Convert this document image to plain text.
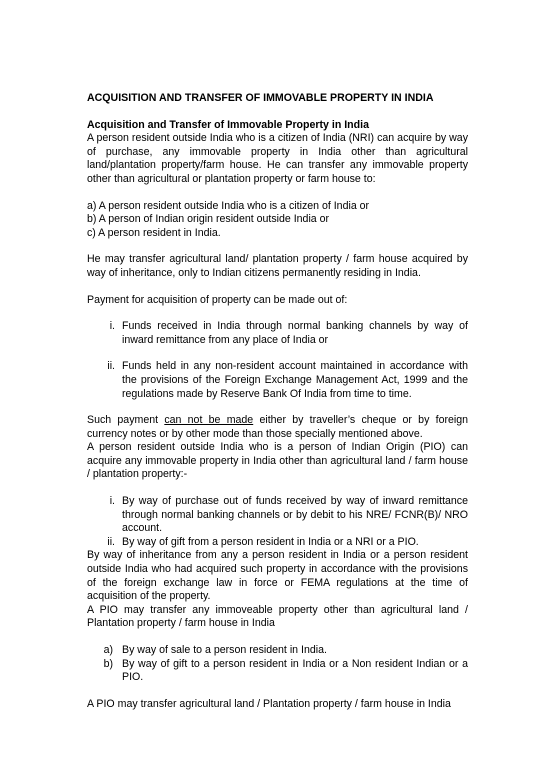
ACQUISITION AND TRANSFER OF IMMOVABLE PROPERTY IN INDIA

Acquisition and Transfer of Immovable Property in India

A person resident outside India who is a citizen of India (NRI) can acquire by way of purchase, any immovable property in India other than agricultural land/plantation property/farm house. He can transfer any immovable property other than agricultural or plantation property or farm house to:

a) A person resident outside India who is a citizen of India or
b) A person of Indian origin resident outside India or
c) A person resident in India.

He may transfer agricultural land/ plantation property / farm house acquired by way of inheritance, only to Indian citizens permanently residing in India.

Payment for acquisition of property can be made out of:

i. Funds received in India through normal banking channels by way of inward remittance from any place of India or
ii. Funds held in any non-resident account maintained in accordance with the provisions of the Foreign Exchange Management Act, 1999 and the regulations made by Reserve Bank Of India from time to time.

Such payment can not be made either by traveller’s cheque or by foreign currency notes or by other mode than those specially mentioned above.

A person resident outside India who is a person of Indian Origin (PIO) can acquire any immovable property in India other than agricultural land / farm house / plantation property:-

i. By way of purchase out of funds received by way of inward remittance through normal banking channels or by debit to his NRE/ FCNR(B)/ NRO account.
ii. By way of gift from a person resident in India or a NRI or a PIO.

By way of inheritance from any a person resident in India or a person resident outside India who had acquired such property in accordance with the provisions of the foreign exchange law in force or FEMA regulations at the time of acquisition of the property.

A PIO may transfer any immoveable property other than agricultural land / Plantation property / farm house in India

a) By way of sale to a person resident in India.
b) By way of gift to a person resident in India or a Non resident Indian or a PIO.

A PIO may transfer agricultural land / Plantation property / farm house in India
